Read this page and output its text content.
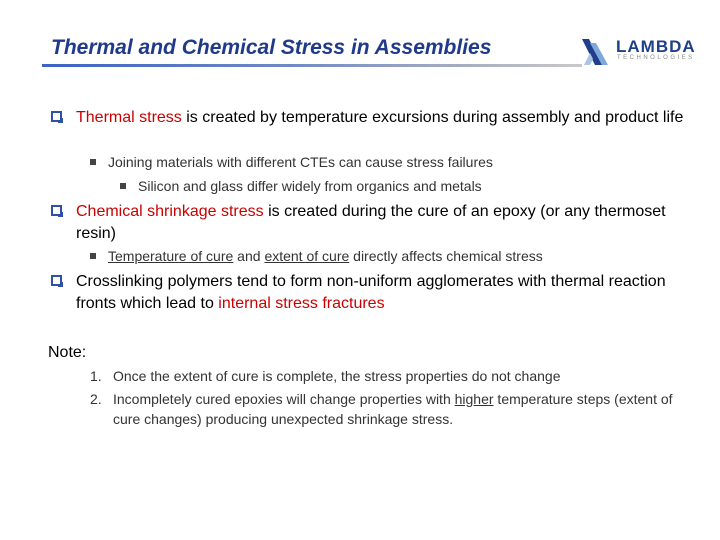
Thermal and Chemical Stress in Assemblies	LAMBDA
TECHNOLOGIES
Thermal stress is created by temperature excursions during assembly and product life
Joining materials with different CTEs can cause stress failures
Silicon and glass differ widely from organics and metals
Chemical shrinkage stress is created during the cure of an epoxy (or any thermoset resin)
Temperature of cure and extent of cure directly affects chemical stress
Crosslinking polymers tend to form non-uniform agglomerates with thermal reaction fronts which lead to internal stress fractures
Note:
1. Once the extent of cure is complete, the stress properties do not change
2. Incompletely cured epoxies will change properties with higher temperature steps (extent of cure changes) producing unexpected shrinkage stress.
